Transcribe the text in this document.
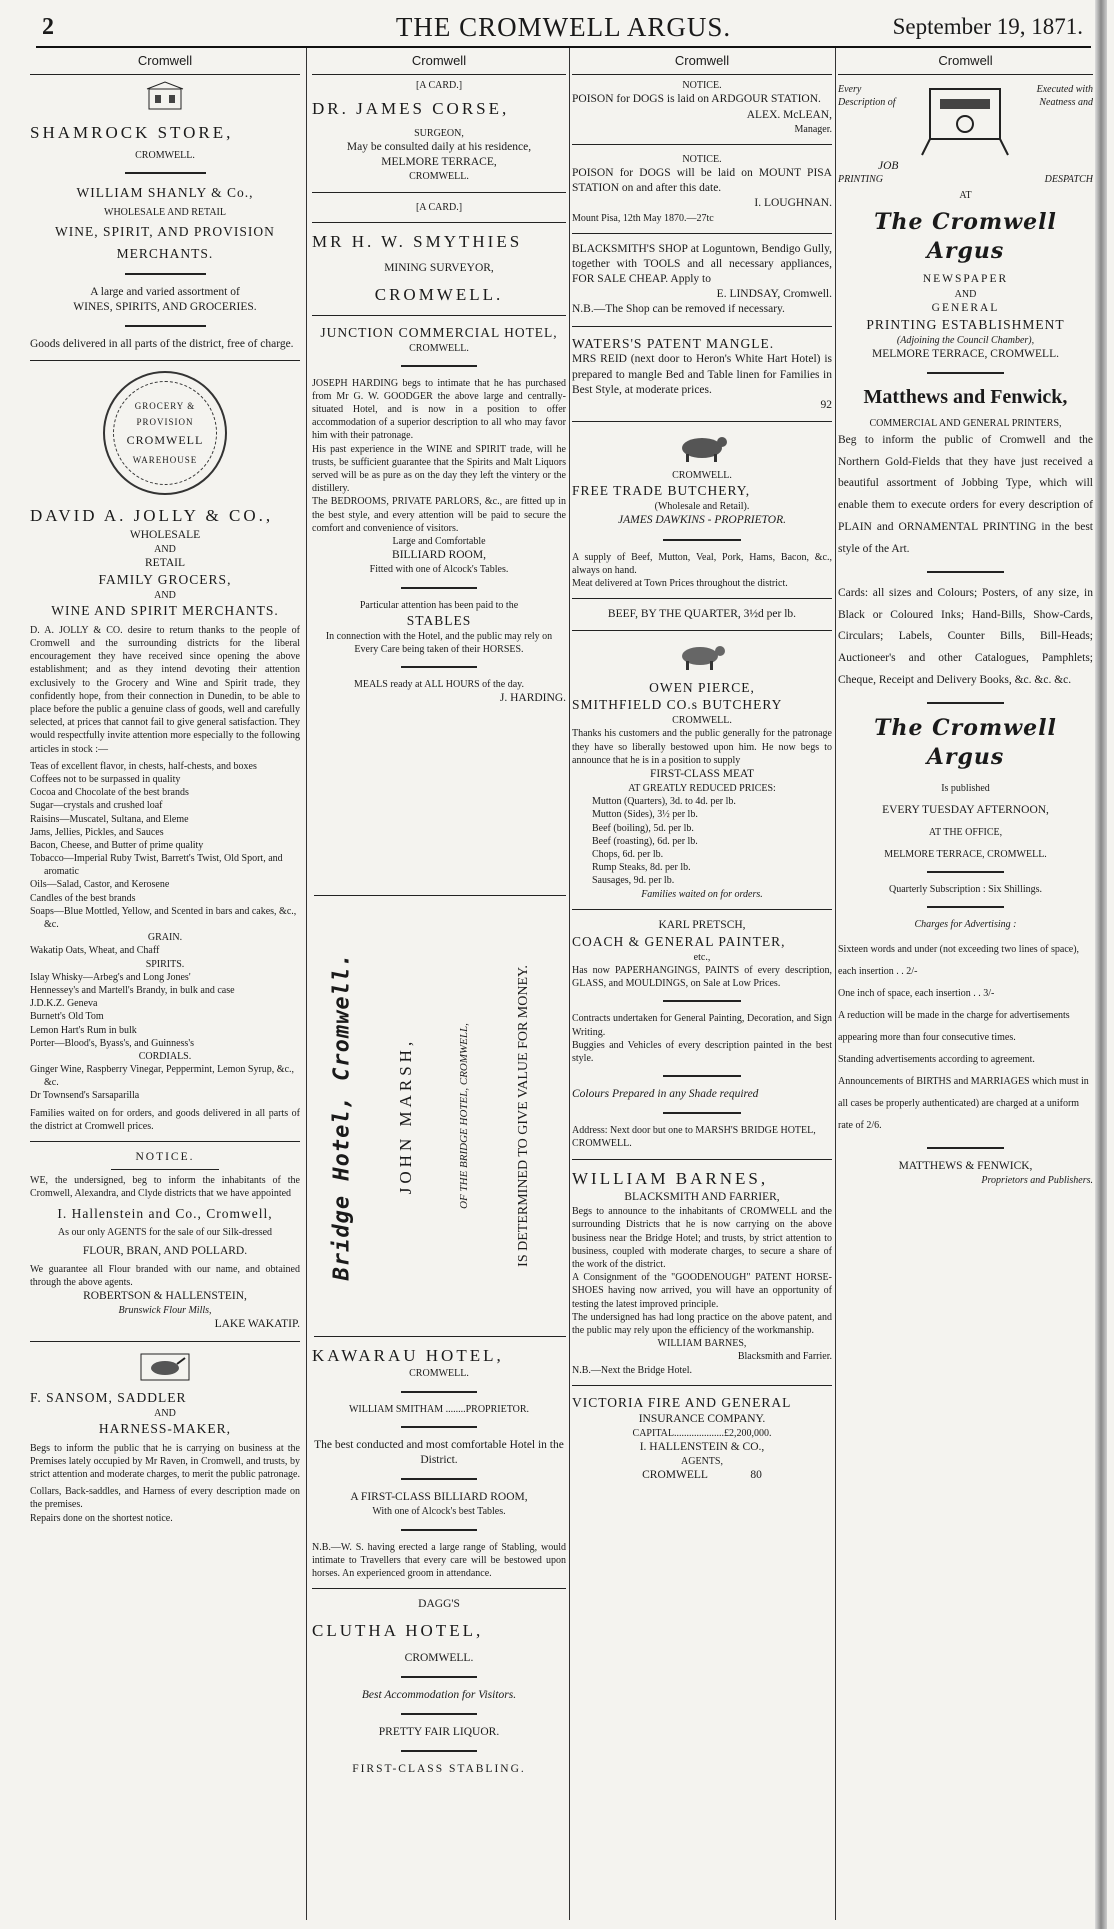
2	THE CROMWELL ARGUS.	September 19, 1871.
Cromwell
SHAMROCK STORE,
CROMWELL.
WILLIAM SHANLY & Co.,
WHOLESALE AND RETAIL
WINE, SPIRIT, AND PROVISION
MERCHANTS.
A large and varied assortment of
WINES, SPIRITS, AND GROCERIES.
Goods delivered in all parts of the district, free of charge.
GROCERY & PROVISION
CROMWELL
WAREHOUSE
DAVID A. JOLLY & CO.,
WHOLESALE
AND
RETAIL
FAMILY GROCERS,
AND
WINE AND SPIRIT MERCHANTS.
D. A. JOLLY & CO. desire to return thanks to the people of Cromwell and the surrounding districts for the liberal encouragement they have received since opening the above establishment; and as they intend devoting their attention exclusively to the Grocery and Wine and Spirit trade, they confidently hope, from their connection in Dunedin, to be able to place before the public a genuine class of goods, well and carefully selected, at prices that cannot fail to give general satisfaction. They would respectfully invite attention more especially to the following articles in stock :—
Teas of excellent flavor, in chests, half-chests, and boxes
Coffees not to be surpassed in quality
Cocoa and Chocolate of the best brands
Sugar—crystals and crushed loaf
Raisins—Muscatel, Sultana, and Eleme
Jams, Jellies, Pickles, and Sauces
Bacon, Cheese, and Butter of prime quality
Tobacco—Imperial Ruby Twist, Barrett's Twist, Old Sport, and aromatic
Oils—Salad, Castor, and Kerosene
Candles of the best brands
Soaps—Blue Mottled, Yellow, and Scented in bars and cakes, &c., &c.
GRAIN.
Wakatip Oats, Wheat, and Chaff
SPIRITS.
Islay Whisky—Arbeg's and Long Jones'
Hennessey's and Martell's Brandy, in bulk and case
J.D.K.Z. Geneva
Burnett's Old Tom
Lemon Hart's Rum in bulk
Porter—Blood's, Byass's, and Guinness's
CORDIALS.
Ginger Wine, Raspberry Vinegar, Peppermint, Lemon Syrup, &c., &c.
Dr Townsend's Sarsaparilla
Families waited on for orders, and goods delivered in all parts of the district at Cromwell prices.
NOTICE.
WE, the undersigned, beg to inform the inhabitants of the Cromwell, Alexandra, and Clyde districts that we have appointed
I. Hallenstein and Co., Cromwell,
As our only AGENTS for the sale of our Silk-dressed
FLOUR, BRAN, AND POLLARD.
We guarantee all Flour branded with our name, and obtained through the above agents.
ROBERTSON & HALLENSTEIN,
Brunswick Flour Mills,
LAKE WAKATIP.
F. SANSOM, SADDLER
AND
HARNESS-MAKER,
Begs to inform the public that he is carrying on business at the Premises lately occupied by Mr Raven, in Cromwell, and trusts, by strict attention and moderate charges, to merit the public patronage.
Collars, Back-saddles, and Harness of every description made on the premises.
Repairs done on the shortest notice.
Cromwell
[A CARD.]
DR. JAMES CORSE,
SURGEON,
May be consulted daily at his residence,
MELMORE TERRACE,
CROMWELL.
[A CARD.]
MR H. W. SMYTHIES
MINING SURVEYOR,
CROMWELL.
JUNCTION COMMERCIAL HOTEL,
CROMWELL.
JOSEPH HARDING begs to intimate that he has purchased from Mr G. W. GOODGER the above large and centrally-situated Hotel, and is now in a position to offer accommodation of a superior description to all who may favor him with their patronage.
His past experience in the WINE and SPIRIT trade, will he trusts, be sufficient guarantee that the Spirits and Malt Liquors served will be as pure as on the day they left the vintery or the distillery.
The BEDROOMS, PRIVATE PARLORS, &c., are fitted up in the best style, and every attention will be paid to secure the comfort and convenience of visitors.
Large and Comfortable
BILLIARD ROOM,
Fitted with one of Alcock's Tables.
Particular attention has been paid to the
STABLES
In connection with the Hotel, and the public may rely on
Every Care being taken of their HORSES.
MEALS ready at ALL HOURS of the day.
J. HARDING.
Bridge Hotel, Cromwell. JOHN MARSH,	OF THE BRIDGE HOTEL, CROMWELL,	IS DETERMINED TO GIVE VALUE FOR MONEY.
KAWARAU HOTEL,
CROMWELL.
WILLIAM SMITHAM ........PROPRIETOR.
The best conducted and most comfortable Hotel in the District.
A FIRST-CLASS BILLIARD ROOM,
With one of Alcock's best Tables.
N.B.—W. S. having erected a large range of Stabling, would intimate to Travellers that every care will be bestowed upon horses. An experienced groom in attendance.
DAGG'S
CLUTHA HOTEL,
CROMWELL.
Best Accommodation for Visitors.
PRETTY FAIR LIQUOR.
FIRST-CLASS STABLING.
Cromwell
NOTICE.
POISON for DOGS is laid on ARDGOUR STATION.
ALEX. McLEAN,
Manager.
NOTICE.
POISON for DOGS will be laid on MOUNT PISA STATION on and after this date.
I. LOUGHNAN.
Mount Pisa, 12th May 1870.—27tc
BLACKSMITH'S SHOP at Loguntown, Bendigo Gully, together with TOOLS and all necessary appliances, FOR SALE CHEAP. Apply to
E. LINDSAY, Cromwell.
N.B.—The Shop can be removed if necessary.
WATERS'S PATENT MANGLE.
MRS REID (next door to Heron's White Hart Hotel) is prepared to mangle Bed and Table linen for Families in Best Style, at moderate prices.
92
CROMWELL.
FREE TRADE BUTCHERY,
(Wholesale and Retail).
JAMES DAWKINS - PROPRIETOR.
A supply of Beef, Mutton, Veal, Pork, Hams, Bacon, &c., always on hand.
Meat delivered at Town Prices throughout the district.
BEEF, BY THE QUARTER, 3½d per lb.
OWEN PIERCE,
SMITHFIELD CO.s BUTCHERY
CROMWELL.
Thanks his customers and the public generally for the patronage they have so liberally bestowed upon him. He now begs to announce that he is in a position to supply
FIRST-CLASS MEAT
AT GREATLY REDUCED PRICES:
Mutton (Quarters), 3d. to 4d. per lb.
Mutton (Sides), 3½ per lb.
Beef (boiling), 5d. per lb.
Beef (roasting), 6d. per lb.
Chops, 6d. per lb.
Rump Steaks, 8d. per lb.
Sausages, 9d. per lb.
Families waited on for orders.
KARL PRETSCH,
COACH & GENERAL PAINTER,
etc.,
Has now PAPERHANGINGS, PAINTS of every description, GLASS, and MOULDINGS, on Sale at Low Prices.
Contracts undertaken for General Painting, Decoration, and Sign Writing.
Buggies and Vehicles of every description painted in the best style.
Colours Prepared in any Shade required
Address: Next door but one to MARSH'S BRIDGE HOTEL, CROMWELL.
WILLIAM BARNES,
BLACKSMITH AND FARRIER,
Begs to announce to the inhabitants of CROMWELL and the surrounding Districts that he is now carrying on the above business near the Bridge Hotel; and trusts, by strict attention to business, coupled with moderate charges, to secure a share of the work of the district.
A Consignment of the "GOODENOUGH" PATENT HORSE-SHOES having now arrived, you will have an opportunity of testing the latest improved principle.
The undersigned has had long practice on the above patent, and the public may rely upon the efficiency of the workmanship.
WILLIAM BARNES,
Blacksmith and Farrier.
N.B.—Next the Bridge Hotel.
VICTORIA FIRE AND GENERAL
INSURANCE COMPANY.
CAPITAL....................£2,200,000.
I. HALLENSTEIN & CO.,
AGENTS,
CROMWELL	80
Cromwell
Every Description of
Executed with Neatness and
JOB
PRINTING	DESPATCH
AT
The Cromwell Argus
NEWSPAPER
AND
GENERAL
PRINTING ESTABLISHMENT
(Adjoining the Council Chamber),
MELMORE TERRACE, CROMWELL.
Matthews and Fenwick,
COMMERCIAL AND GENERAL PRINTERS,
Beg to inform the public of Cromwell and the Northern Gold-Fields that they have just received a beautiful assortment of Jobbing Type, which will enable them to execute orders for every description of PLAIN and ORNAMENTAL PRINTING in the best style of the Art.
Cards: all sizes and Colours; Posters, of any size, in Black or Coloured Inks; Hand-Bills, Show-Cards, Circulars; Labels, Counter Bills, Bill-Heads; Auctioneer's and other Catalogues, Pamphlets; Cheque, Receipt and Delivery Books, &c. &c. &c.
The Cromwell Argus
Is published
EVERY TUESDAY AFTERNOON,
AT THE OFFICE,
MELMORE TERRACE, CROMWELL.
Quarterly Subscription : Six Shillings.
Charges for Advertising :
Sixteen words and under (not exceeding two lines of space), each insertion . . 2/-
One inch of space, each insertion . . 3/-
A reduction will be made in the charge for advertisements appearing more than four consecutive times.
Standing advertisements according to agreement.
Announcements of BIRTHS and MARRIAGES which must in all cases be properly authenticated) are charged at a uniform rate of 2/6.
MATTHEWS & FENWICK,
Proprietors and Publishers.
